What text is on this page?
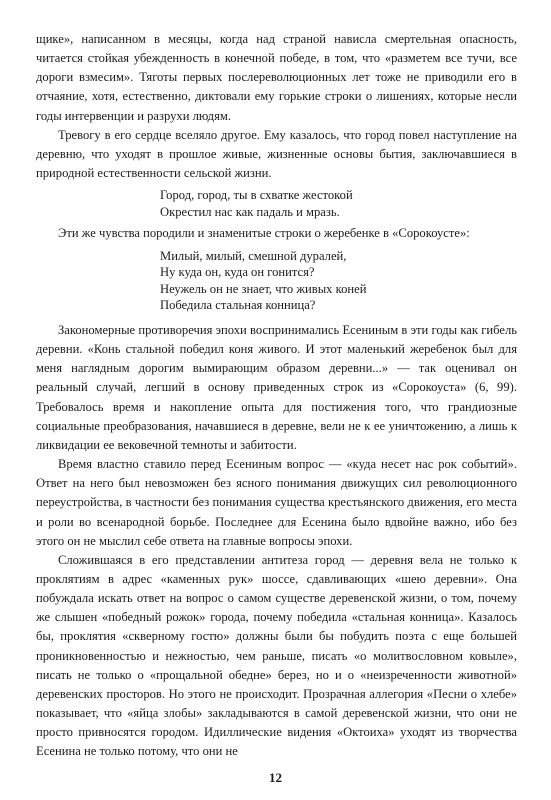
щике», написанном в месяцы, когда над страной нависла смертельная опасность, читается стойкая убежденность в конечной победе, в том, что «разметем все тучи, все дороги взмесим». Тяготы первых послереволюционных лет тоже не приводили его в отчаяние, хотя, естественно, диктовали ему горькие строки о лишениях, которые несли годы интервенции и разрухи людям.

Тревогу в его сердце вселяло другое. Ему казалось, что город повел наступление на деревню, что уходят в прошлое живые, жизненные основы бытия, заключавшиеся в природной естественности сельской жизни.

Город, город, ты в схватке жестокой
Окрестил нас как падаль и мразь.

Эти же чувства породили и знаменитые строки о жеребенке в «Сорокоусте»:

Милый, милый, смешной дуралей,
Ну куда он, куда он гонится?
Неужель он не знает, что живых коней
Победила стальная конница?

Закономерные противоречия эпохи воспринимались Есениным в эти годы как гибель деревни. «Конь стальной победил коня живого. И этот маленький жеребенок был для меня наглядным дорогим вымирающим образом деревни...» — так оценивал он реальный случай, легший в основу приведенных строк из «Сорокоуста» (6, 99). Требовалось время и накопление опыта для постижения того, что грандиозные социальные преобразования, начавшиеся в деревне, вели не к ее уничтожению, а лишь к ликвидации ее вековечной темноты и забитости.

Время властно ставило перед Есениным вопрос — «куда несет нас рок событий». Ответ на него был невозможен без ясного понимания движущих сил революционного переустройства, в частности без понимания существа крестьянского движения, его места и роли во всенародной борьбе. Последнее для Есенина было вдвойне важно, ибо без этого он не мыслил себе ответа на главные вопросы эпохи.

Сложившаяся в его представлении антитеза город — деревня вела не только к проклятиям в адрес «каменных рук» шоссе, сдавливающих «шею деревни». Она побуждала искать ответ на вопрос о самом существе деревенской жизни, о том, почему же слышен «победный рожок» города, почему победила «стальная конница». Казалось бы, проклятия «скверному гостю» должны были бы побудить поэта с еще большей проникновенностью и нежностью, чем раньше, писать «о молитвословном ковыле», писать не только о «прощальной обедне» берез, но и о «неизреченности животной» деревенских просторов. Но этого не происходит. Прозрачная аллегория «Песни о хлебе» показывает, что «яйца злобы» закладываются в самой деревенской жизни, что они не просто привносятся городом. Идиллические видения «Октоиха» уходят из творчества Есенина не только потому, что они не

12
